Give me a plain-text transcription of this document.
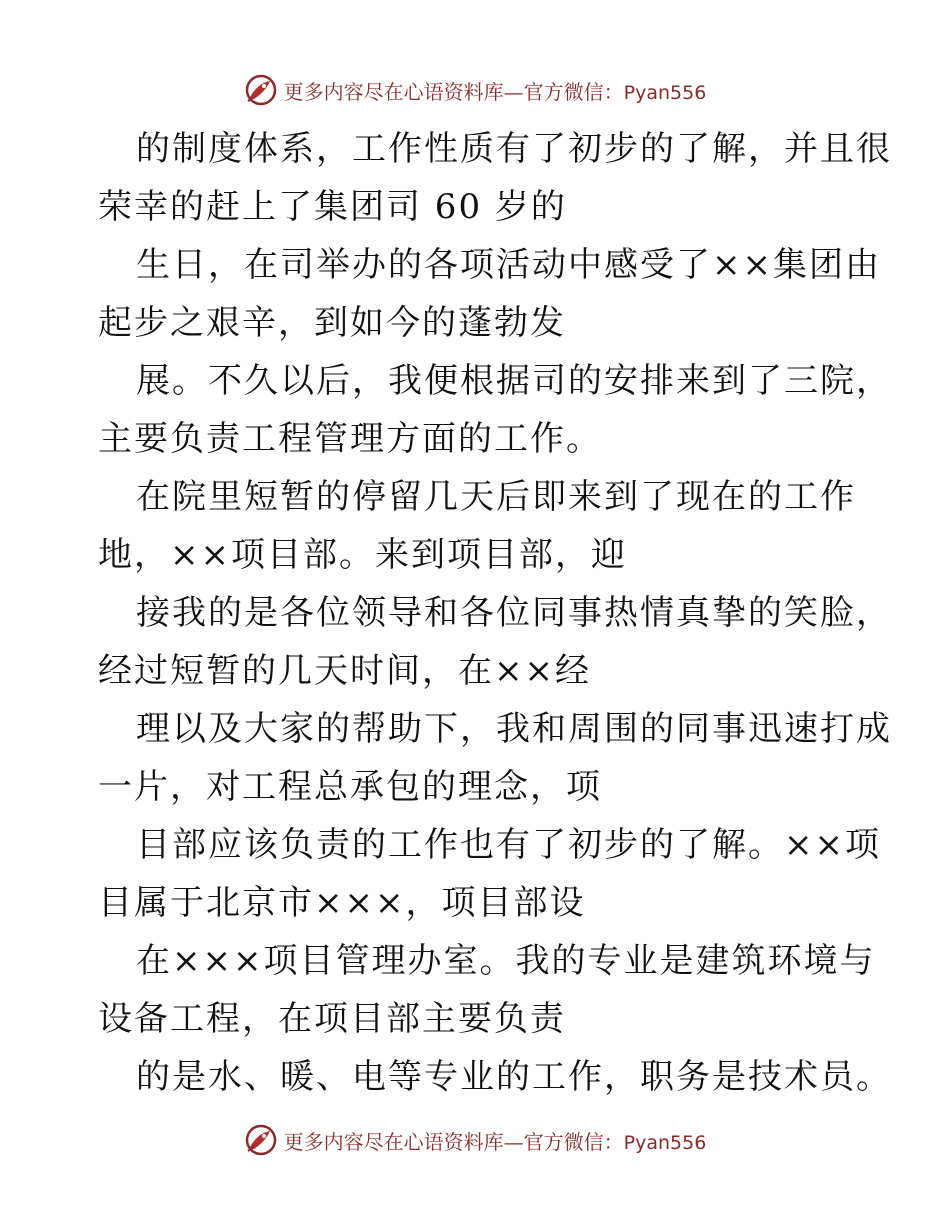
更多内容尽在心语资料库—官方微信：Pyan556
的制度体系，工作性质有了初步的了解，并且很
荣幸的赶上了集团司 60 岁的
生日，在司举办的各项活动中感受了××集团由
起步之艰辛，到如今的蓬勃发
展。不久以后，我便根据司的安排来到了三院，
主要负责工程管理方面的工作。
在院里短暂的停留几天后即来到了现在的工作
地，××项目部。来到项目部，迎
接我的是各位领导和各位同事热情真挚的笑脸，
经过短暂的几天时间，在××经
理以及大家的帮助下，我和周围的同事迅速打成
一片，对工程总承包的理念，项
目部应该负责的工作也有了初步的了解。××项
目属于北京市×××，项目部设
在×××项目管理办室。我的专业是建筑环境与
设备工程，在项目部主要负责
的是水、暖、电等专业的工作，职务是技术员。
更多内容尽在心语资料库—官方微信：Pyan556
